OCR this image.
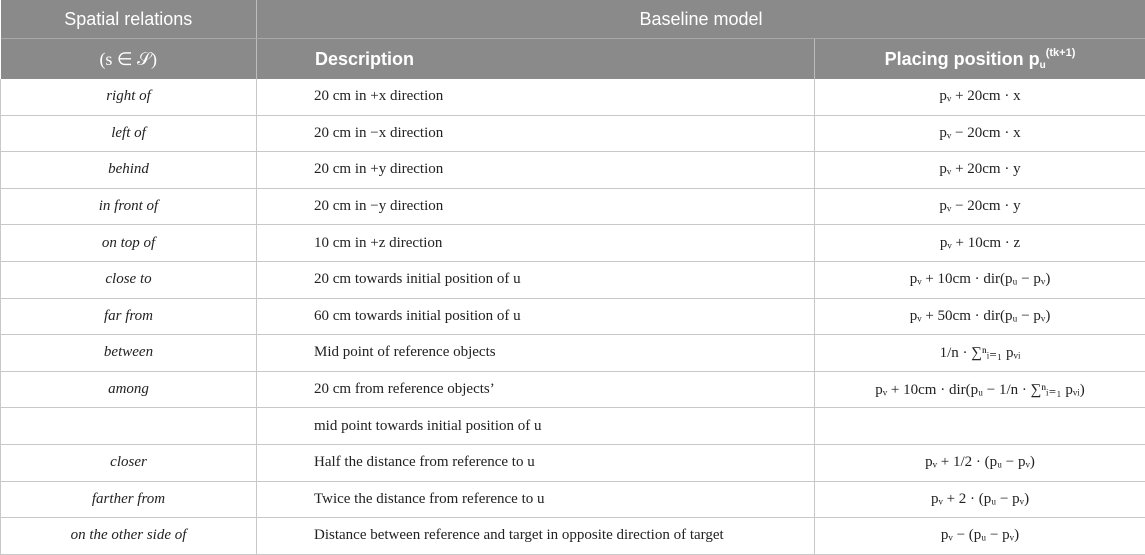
Spatial relations	Baseline model	
(s ∈ 𝒮)	Description	Placing position $p_u^{(tk+1)}$
right of	20 cm in +x direction	pᵥ + 20cm · x
left of	20 cm in −x direction	pᵥ − 20cm · x
behind	20 cm in +y direction	pᵥ + 20cm · y
in front of	20 cm in −y direction	pᵥ − 20cm · y
on top of	10 cm in +z direction	pᵥ + 10cm · z
close to	20 cm towards initial position of u	pᵥ + 10cm · dir(pᵤ − pᵥ)
far from	60 cm towards initial position of u	pᵥ + 50cm · dir(pᵤ − pᵥ)
between	Mid point of reference objects	1/n · ∑ⁿᵢ₌₁ pᵥᵢ
among	20 cm from reference objects’	pᵥ + 10cm · dir(pᵤ − 1/n · ∑ⁿᵢ₌₁ pᵥᵢ)
	mid point towards initial position of u	
closer	Half the distance from reference to u	pᵥ + 1/2 · (pᵤ − pᵥ)
farther from	Twice the distance from reference to u	pᵥ + 2 · (pᵤ − pᵥ)
on the other side of	Distance between reference and target in opposite direction of target	pᵥ − (pᵤ − pᵥ)
